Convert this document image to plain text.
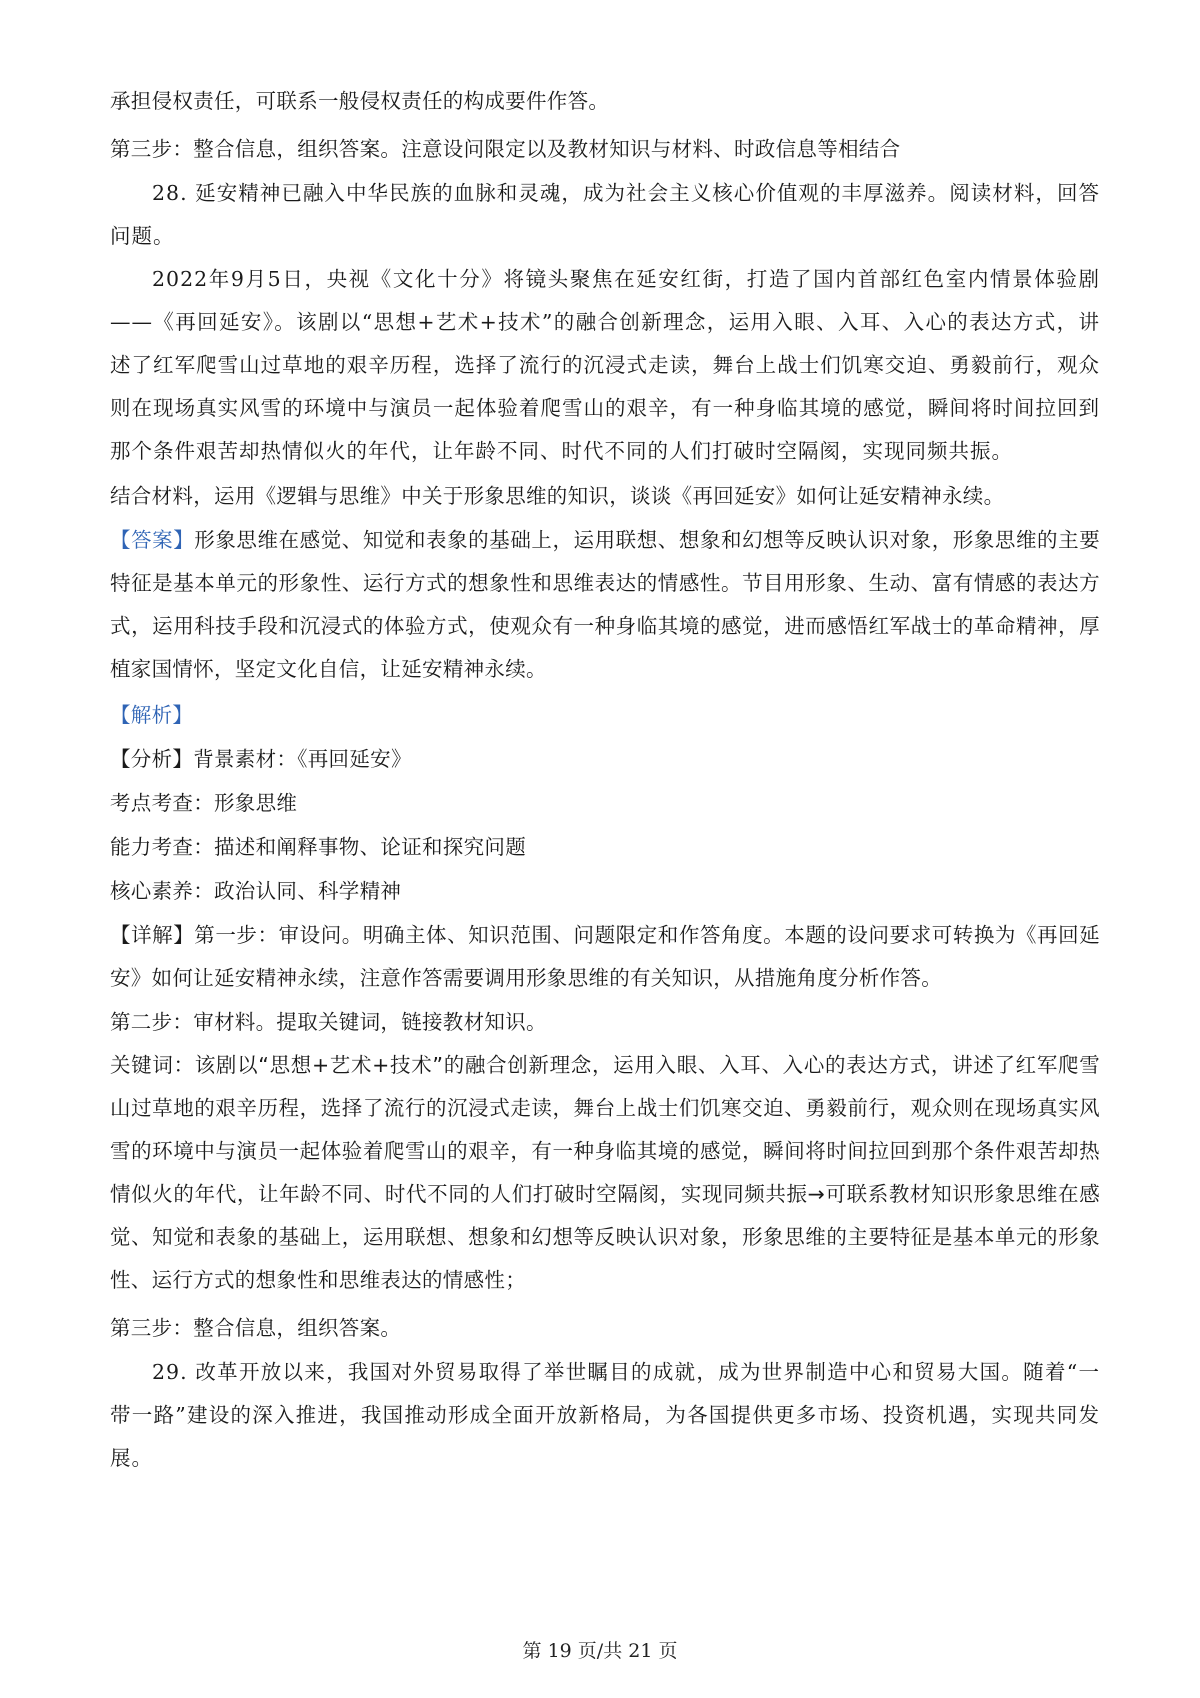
承担侵权责任，可联系一般侵权责任的构成要件作答。

第三步：整合信息，组织答案。注意设问限定以及教材知识与材料、时政信息等相结合

28. 延安精神已融入中华民族的血脉和灵魂，成为社会主义核心价值观的丰厚滋养。阅读材料，回答问题。

2022年9月5日，央视《文化十分》将镜头聚焦在延安红街，打造了国内首部红色室内情景体验剧——《再回延安》。该剧以“思想+艺术+技术”的融合创新理念，运用入眼、入耳、入心的表达方式，讲述了红军爬雪山过草地的艰辛历程，选择了流行的沉浸式走读，舞台上战士们饥寒交迫、勇毅前行，观众则在现场真实风雪的环境中与演员一起体验着爬雪山的艰辛，有一种身临其境的感觉，瞬间将时间拉回到那个条件艰苦却热情似火的年代，让年龄不同、时代不同的人们打破时空隔阂，实现同频共振。

结合材料，运用《逻辑与思维》中关于形象思维的知识，谈谈《再回延安》如何让延安精神永续。

【答案】形象思维在感觉、知觉和表象的基础上，运用联想、想象和幻想等反映认识对象，形象思维的主要特征是基本单元的形象性、运行方式的想象性和思维表达的情感性。节目用形象、生动、富有情感的表达方式，运用科技手段和沉浸式的体验方式，使观众有一种身临其境的感觉，进而感悟红军战士的革命精神，厚植家国情怀，坚定文化自信，让延安精神永续。

【解析】

【分析】背景素材：《再回延安》

考点考查：形象思维

能力考查：描述和阐释事物、论证和探究问题

核心素养：政治认同、科学精神

【详解】第一步：审设问。明确主体、知识范围、问题限定和作答角度。本题的设问要求可转换为《再回延安》如何让延安精神永续，注意作答需要调用形象思维的有关知识，从措施角度分析作答。

第二步：审材料。提取关键词，链接教材知识。

关键词：该剧以“思想+艺术+技术”的融合创新理念，运用入眼、入耳、入心的表达方式，讲述了红军爬雪山过草地的艰辛历程，选择了流行的沉浸式走读，舞台上战士们饥寒交迫、勇毅前行，观众则在现场真实风雪的环境中与演员一起体验着爬雪山的艰辛，有一种身临其境的感觉，瞬间将时间拉回到那个条件艰苦却热情似火的年代，让年龄不同、时代不同的人们打破时空隔阂，实现同频共振→可联系教材知识形象思维在感觉、知觉和表象的基础上，运用联想、想象和幻想等反映认识对象，形象思维的主要特征是基本单元的形象性、运行方式的想象性和思维表达的情感性；

第三步：整合信息，组织答案。

29. 改革开放以来，我国对外贸易取得了举世瞩目的成就，成为世界制造中心和贸易大国。随着“一带一路”建设的深入推进，我国推动形成全面开放新格局，为各国提供更多市场、投资机遇，实现共同发展。

第 19 页/共 21 页
